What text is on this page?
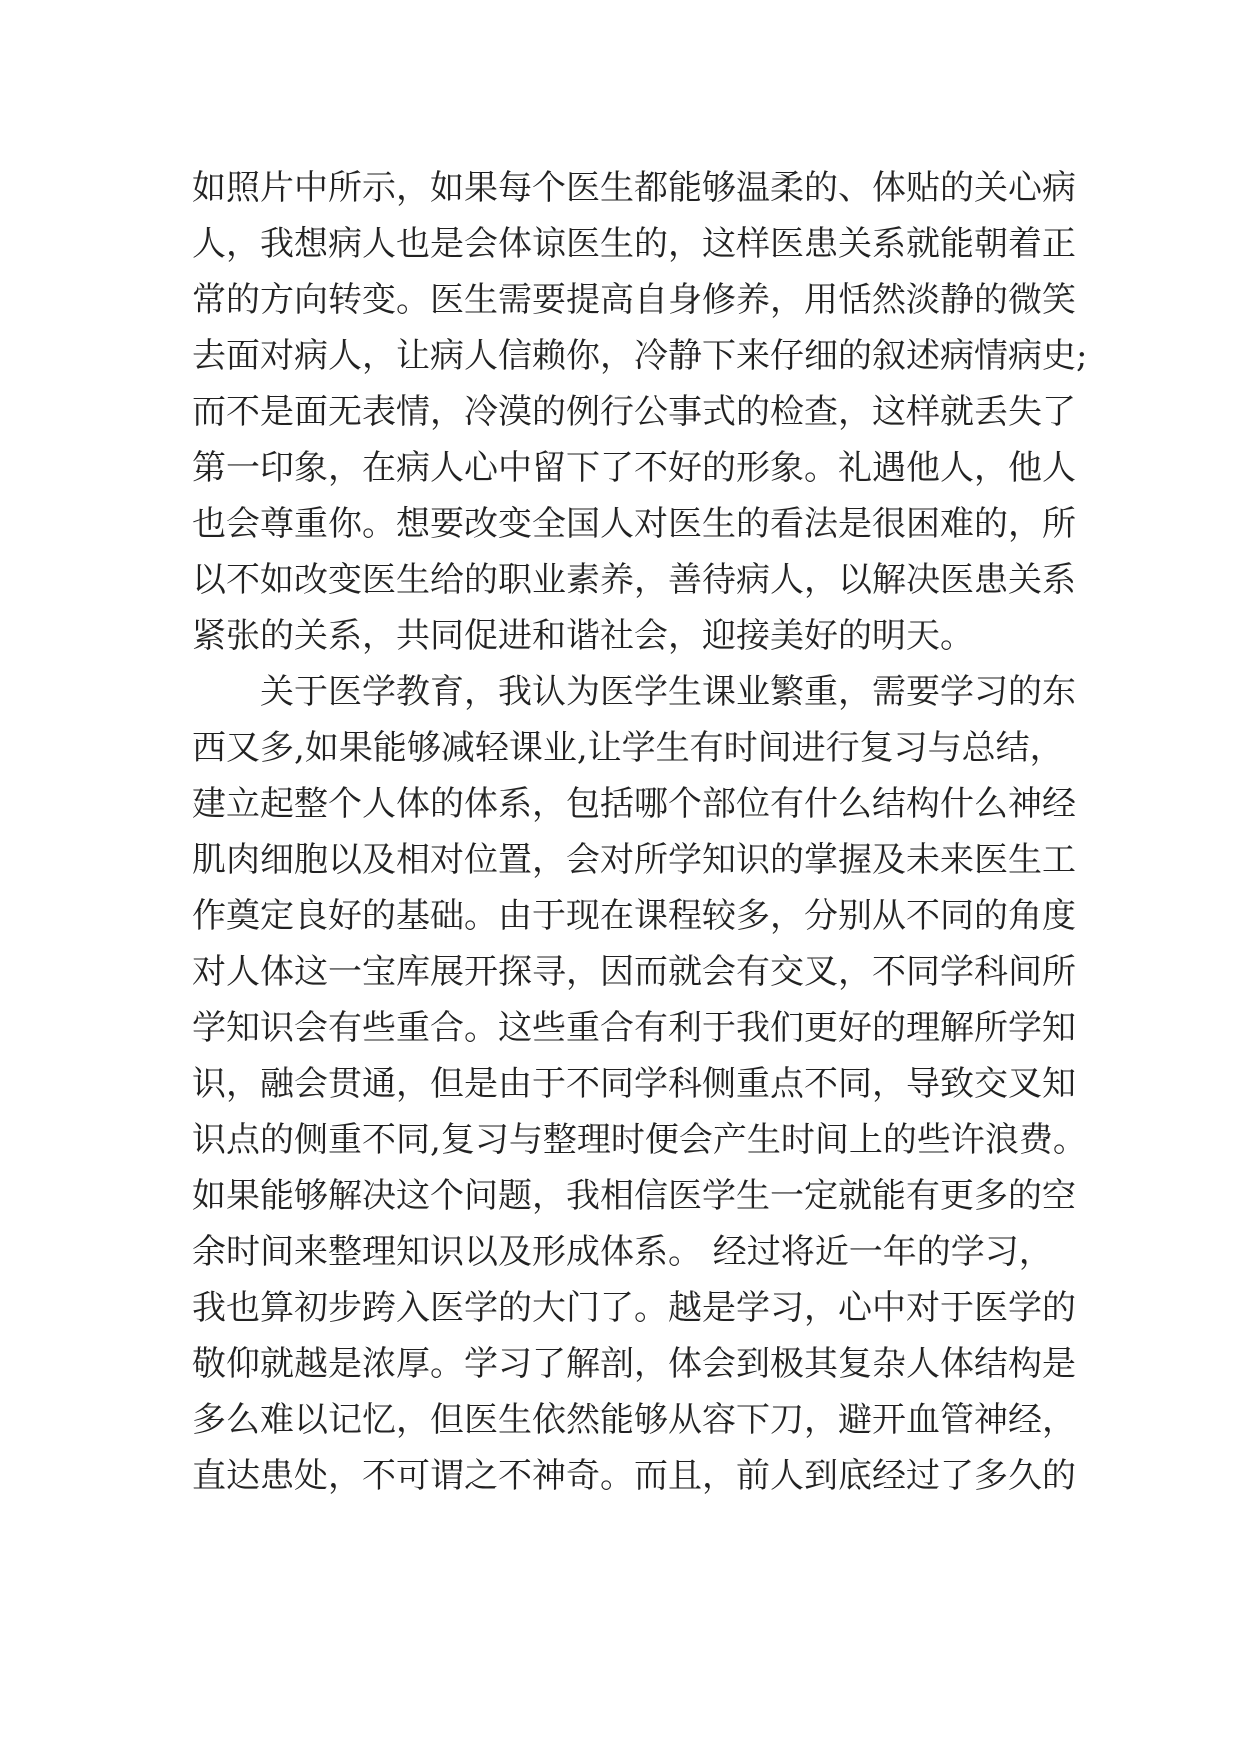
如 照 片 中 所 示 ， 如 果 每 个 医 生 都 能 够 温 柔 的 、 体 贴 的 关 心 病
人 ， 我 想 病 人 也 是 会 体 谅 医 生 的 ， 这 样 医 患 关 系 就 能 朝 着 正
常 的 方 向 转 变 。 医 生 需 要 提 高 自 身 修 养 ， 用 恬 然 淡 静 的 微 笑
去 面 对 病 人 ， 让 病 人 信 赖 你 ， 冷 静 下 来 仔 细 的 叙 述 病 情 病 史 ;
而 不 是 面 无 表 情 ， 冷 漠 的 例 行 公 事 式 的 检 查 ， 这 样 就 丢 失 了
第 一 印 象 ， 在 病 人 心 中 留 下 了 不 好 的 形 象 。 礼 遇 他 人 ， 他 人
也 会 尊 重 你 。 想 要 改 变 全 国 人 对 医 生 的 看 法 是 很 困 难 的 ， 所
以 不 如 改 变 医 生 给 的 职 业 素 养 ， 善 待 病 人 ， 以 解 决 医 患 关 系
紧张的关系，共同促进和谐社会，迎接美好的明天。
关 于 医 学 教 育 ， 我 认 为 医 学 生 课 业 繁 重 ， 需 要 学 习 的 东
西 又 多 , 如 果 能 够 减 轻 课 业 , 让 学 生 有 时 间 进 行 复 习 与 总 结 ，
建 立 起 整 个 人 体 的 体 系 ， 包 括 哪 个 部 位 有 什 么 结 构 什 么 神 经
肌 肉 细 胞 以 及 相 对 位 置 ， 会 对 所 学 知 识 的 掌 握 及 未 来 医 生 工
作 奠 定 良 好 的 基 础 。 由 于 现 在 课 程 较 多 ， 分 别 从 不 同 的 角 度
对 人 体 这 一 宝 库 展 开 探 寻 ， 因 而 就 会 有 交 叉 ， 不 同 学 科 间 所
学 知 识 会 有 些 重 合 。 这 些 重 合 有 利 于 我 们 更 好 的 理 解 所 学 知
识 ， 融 会 贯 通 ， 但 是 由 于 不 同 学 科 侧 重 点 不 同 ， 导 致 交 叉 知
识 点 的 侧 重 不 同 , 复 习 与 整 理 时 便 会 产 生 时 间 上 的 些 许 浪 费 。
如 果 能 够 解 决 这 个 问 题 ， 我 相 信 医 学 生 一 定 就 能 有 更 多 的 空
余时间来整理知识以及形成体系。 经过将近一年的学习，
我 也 算 初 步 跨 入 医 学 的 大 门 了 。 越 是 学 习 ， 心 中 对 于 医 学 的
敬 仰 就 越 是 浓 厚 。 学 习 了 解 剖 ， 体 会 到 极 其 复 杂 人 体 结 构 是
多 么 难 以 记 忆 ， 但 医 生 依 然 能 够 从 容 下 刀 ， 避 开 血 管 神 经 ，
直 达 患 处 ， 不 可 谓 之 不 神 奇 。 而 且 ， 前 人 到 底 经 过 了 多 久 的
